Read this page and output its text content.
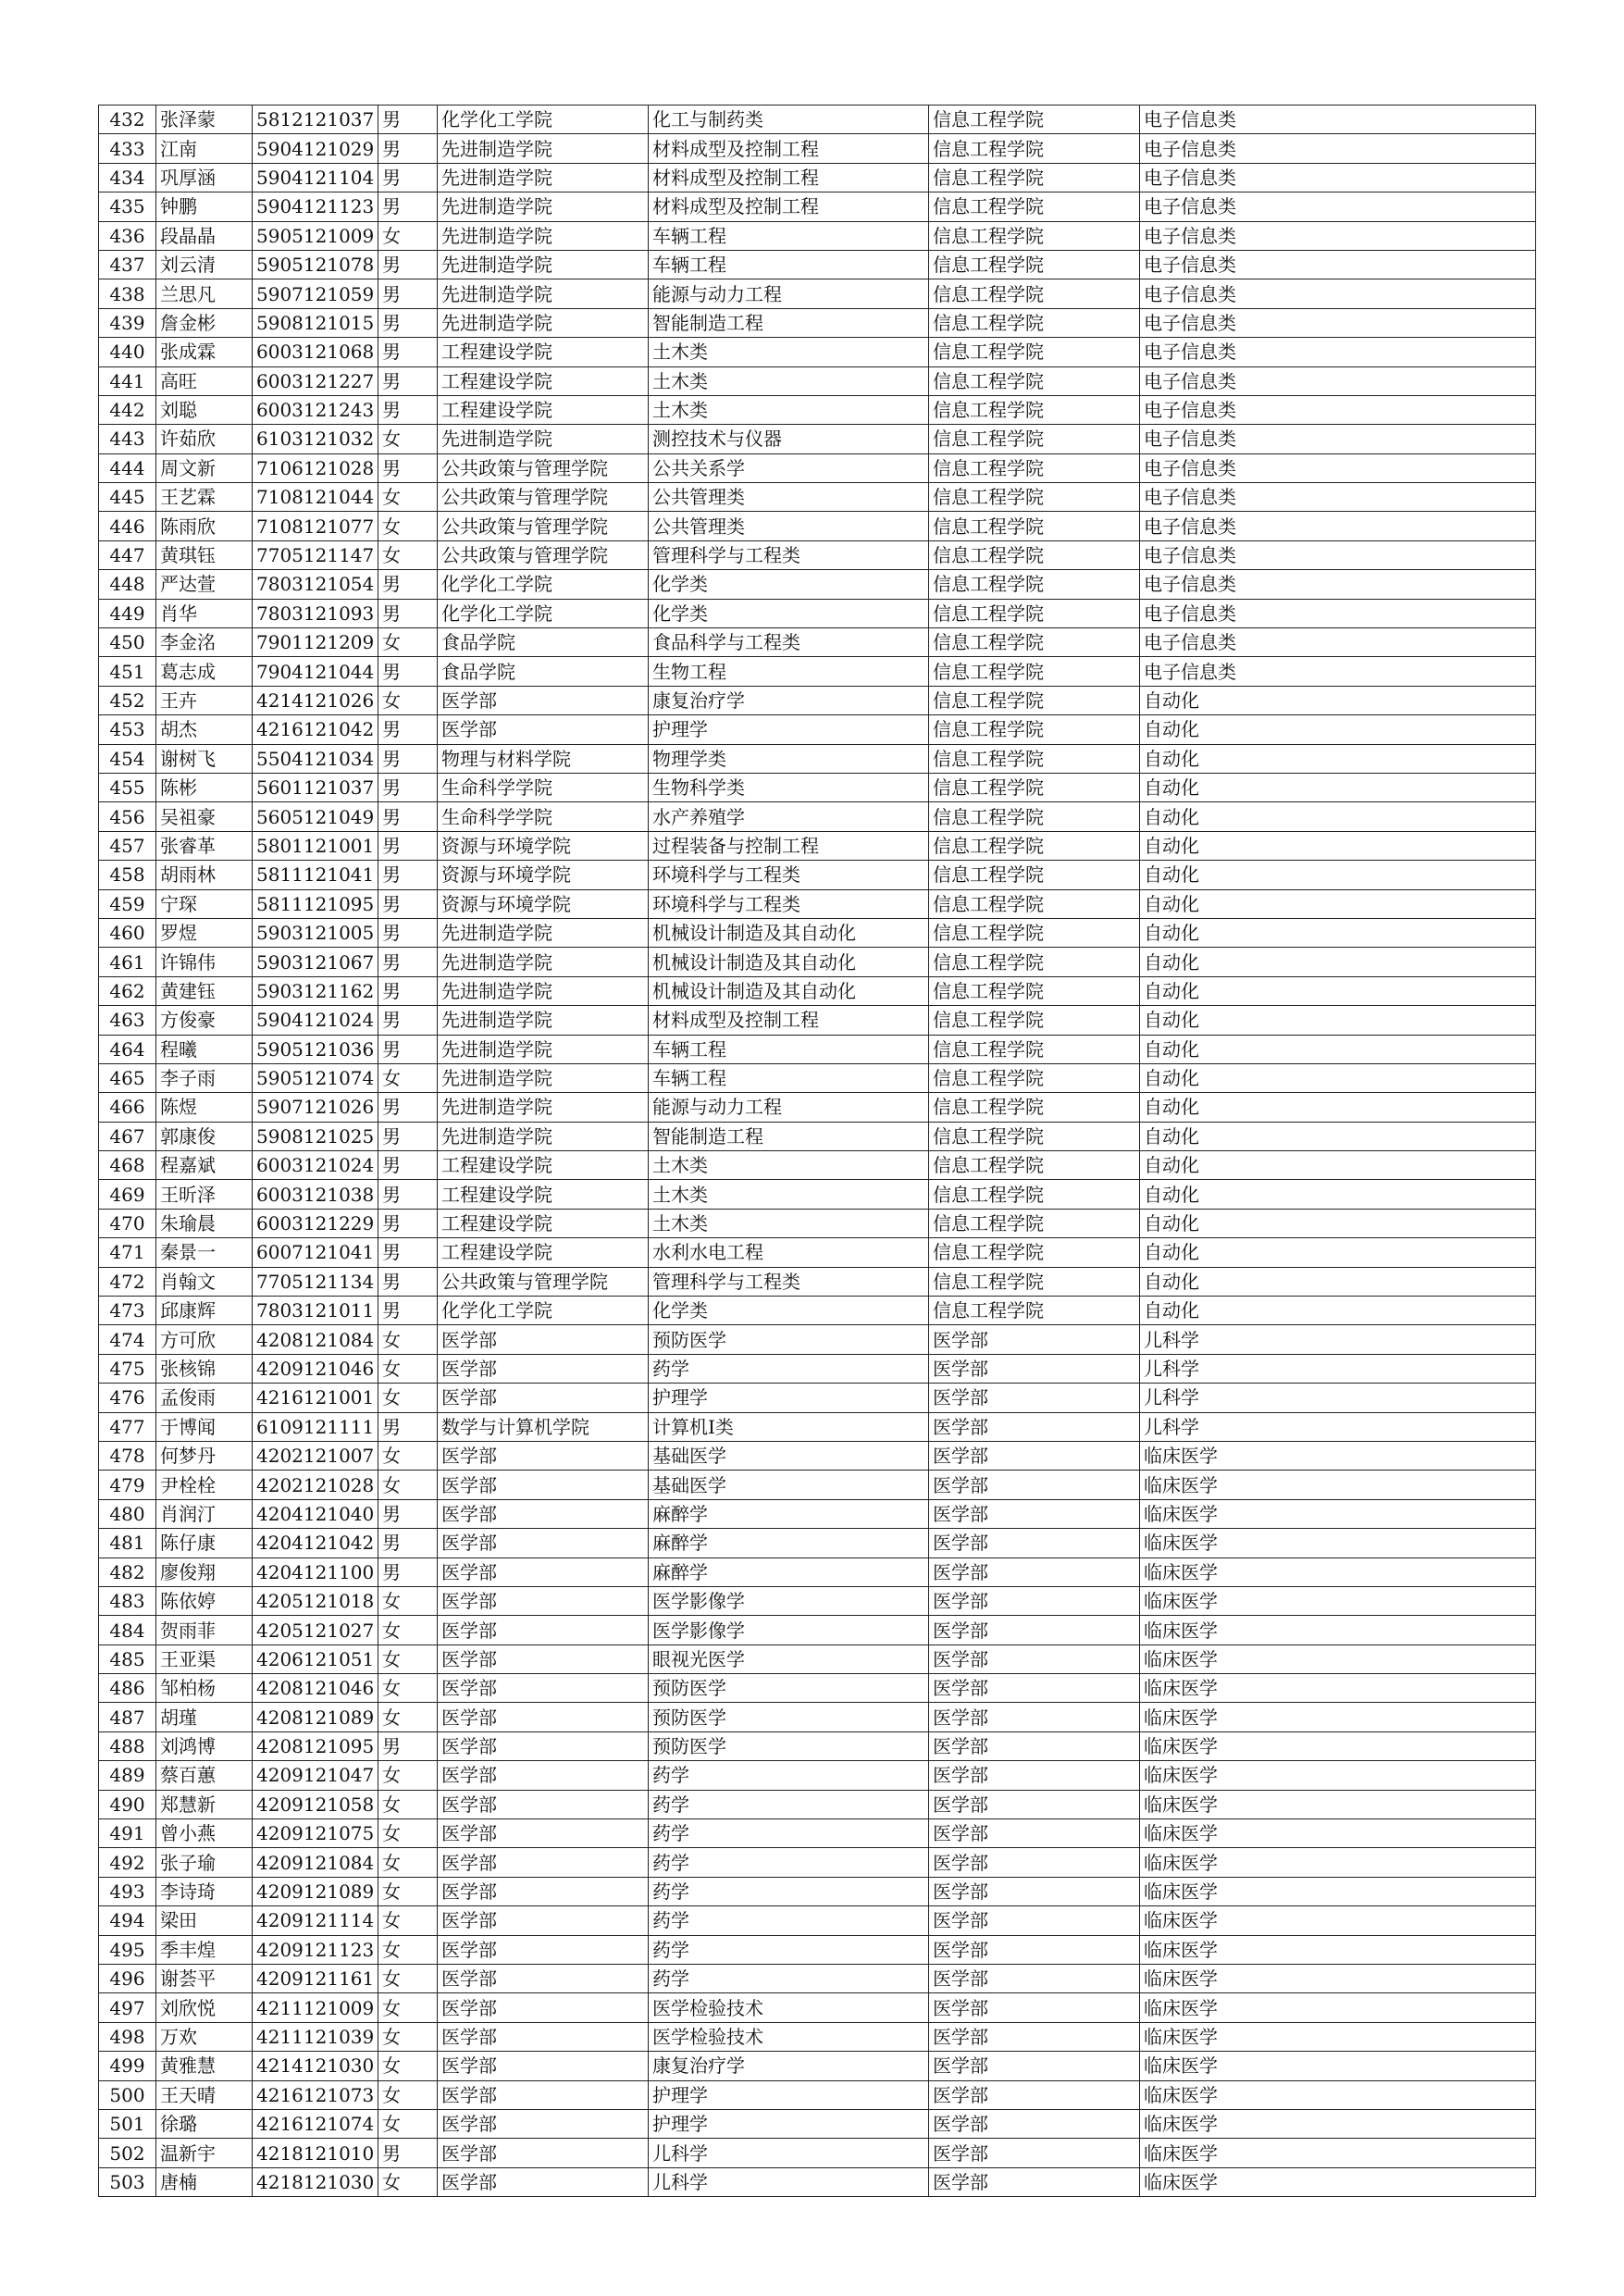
432	张泽蒙	5812121037	男	化学化工学院	化工与制药类	信息工程学院	电子信息类
433	江南	5904121029	男	先进制造学院	材料成型及控制工程	信息工程学院	电子信息类
434	巩厚涵	5904121104	男	先进制造学院	材料成型及控制工程	信息工程学院	电子信息类
435	钟鹏	5904121123	男	先进制造学院	材料成型及控制工程	信息工程学院	电子信息类
436	段晶晶	5905121009	女	先进制造学院	车辆工程	信息工程学院	电子信息类
437	刘云清	5905121078	男	先进制造学院	车辆工程	信息工程学院	电子信息类
438	兰思凡	5907121059	男	先进制造学院	能源与动力工程	信息工程学院	电子信息类
439	詹金彬	5908121015	男	先进制造学院	智能制造工程	信息工程学院	电子信息类
440	张成霖	6003121068	男	工程建设学院	土木类	信息工程学院	电子信息类
441	高旺	6003121227	男	工程建设学院	土木类	信息工程学院	电子信息类
442	刘聪	6003121243	男	工程建设学院	土木类	信息工程学院	电子信息类
443	许茹欣	6103121032	女	先进制造学院	测控技术与仪器	信息工程学院	电子信息类
444	周文新	7106121028	男	公共政策与管理学院	公共关系学	信息工程学院	电子信息类
445	王艺霖	7108121044	女	公共政策与管理学院	公共管理类	信息工程学院	电子信息类
446	陈雨欣	7108121077	女	公共政策与管理学院	公共管理类	信息工程学院	电子信息类
447	黄琪钰	7705121147	女	公共政策与管理学院	管理科学与工程类	信息工程学院	电子信息类
448	严达萱	7803121054	男	化学化工学院	化学类	信息工程学院	电子信息类
449	肖华	7803121093	男	化学化工学院	化学类	信息工程学院	电子信息类
450	李金洺	7901121209	女	食品学院	食品科学与工程类	信息工程学院	电子信息类
451	葛志成	7904121044	男	食品学院	生物工程	信息工程学院	电子信息类
452	王卉	4214121026	女	医学部	康复治疗学	信息工程学院	自动化
453	胡杰	4216121042	男	医学部	护理学	信息工程学院	自动化
454	谢树飞	5504121034	男	物理与材料学院	物理学类	信息工程学院	自动化
455	陈彬	5601121037	男	生命科学学院	生物科学类	信息工程学院	自动化
456	吴祖豪	5605121049	男	生命科学学院	水产养殖学	信息工程学院	自动化
457	张睿革	5801121001	男	资源与环境学院	过程装备与控制工程	信息工程学院	自动化
458	胡雨林	5811121041	男	资源与环境学院	环境科学与工程类	信息工程学院	自动化
459	宁琛	5811121095	男	资源与环境学院	环境科学与工程类	信息工程学院	自动化
460	罗煜	5903121005	男	先进制造学院	机械设计制造及其自动化	信息工程学院	自动化
461	许锦伟	5903121067	男	先进制造学院	机械设计制造及其自动化	信息工程学院	自动化
462	黄建钰	5903121162	男	先进制造学院	机械设计制造及其自动化	信息工程学院	自动化
463	方俊豪	5904121024	男	先进制造学院	材料成型及控制工程	信息工程学院	自动化
464	程曦	5905121036	男	先进制造学院	车辆工程	信息工程学院	自动化
465	李子雨	5905121074	女	先进制造学院	车辆工程	信息工程学院	自动化
466	陈煜	5907121026	男	先进制造学院	能源与动力工程	信息工程学院	自动化
467	郭康俊	5908121025	男	先进制造学院	智能制造工程	信息工程学院	自动化
468	程嘉斌	6003121024	男	工程建设学院	土木类	信息工程学院	自动化
469	王昕泽	6003121038	男	工程建设学院	土木类	信息工程学院	自动化
470	朱瑜晨	6003121229	男	工程建设学院	土木类	信息工程学院	自动化
471	秦景一	6007121041	男	工程建设学院	水利水电工程	信息工程学院	自动化
472	肖翰文	7705121134	男	公共政策与管理学院	管理科学与工程类	信息工程学院	自动化
473	邱康辉	7803121011	男	化学化工学院	化学类	信息工程学院	自动化
474	方可欣	4208121084	女	医学部	预防医学	医学部	儿科学
475	张核锦	4209121046	女	医学部	药学	医学部	儿科学
476	孟俊雨	4216121001	女	医学部	护理学	医学部	儿科学
477	于博闻	6109121111	男	数学与计算机学院	计算机Ⅰ类	医学部	儿科学
478	何梦丹	4202121007	女	医学部	基础医学	医学部	临床医学
479	尹栓栓	4202121028	女	医学部	基础医学	医学部	临床医学
480	肖润汀	4204121040	男	医学部	麻醉学	医学部	临床医学
481	陈仔康	4204121042	男	医学部	麻醉学	医学部	临床医学
482	廖俊翔	4204121100	男	医学部	麻醉学	医学部	临床医学
483	陈依婷	4205121018	女	医学部	医学影像学	医学部	临床医学
484	贺雨菲	4205121027	女	医学部	医学影像学	医学部	临床医学
485	王亚渠	4206121051	女	医学部	眼视光医学	医学部	临床医学
486	邹柏杨	4208121046	女	医学部	预防医学	医学部	临床医学
487	胡瑾	4208121089	女	医学部	预防医学	医学部	临床医学
488	刘鸿博	4208121095	男	医学部	预防医学	医学部	临床医学
489	蔡百蕙	4209121047	女	医学部	药学	医学部	临床医学
490	郑慧新	4209121058	女	医学部	药学	医学部	临床医学
491	曾小燕	4209121075	女	医学部	药学	医学部	临床医学
492	张子瑜	4209121084	女	医学部	药学	医学部	临床医学
493	李诗琦	4209121089	女	医学部	药学	医学部	临床医学
494	梁田	4209121114	女	医学部	药学	医学部	临床医学
495	季丰煌	4209121123	女	医学部	药学	医学部	临床医学
496	谢荟平	4209121161	女	医学部	药学	医学部	临床医学
497	刘欣悦	4211121009	女	医学部	医学检验技术	医学部	临床医学
498	万欢	4211121039	女	医学部	医学检验技术	医学部	临床医学
499	黄雅慧	4214121030	女	医学部	康复治疗学	医学部	临床医学
500	王天晴	4216121073	女	医学部	护理学	医学部	临床医学
501	徐璐	4216121074	女	医学部	护理学	医学部	临床医学
502	温新宇	4218121010	男	医学部	儿科学	医学部	临床医学
503	唐楠	4218121030	女	医学部	儿科学	医学部	临床医学
